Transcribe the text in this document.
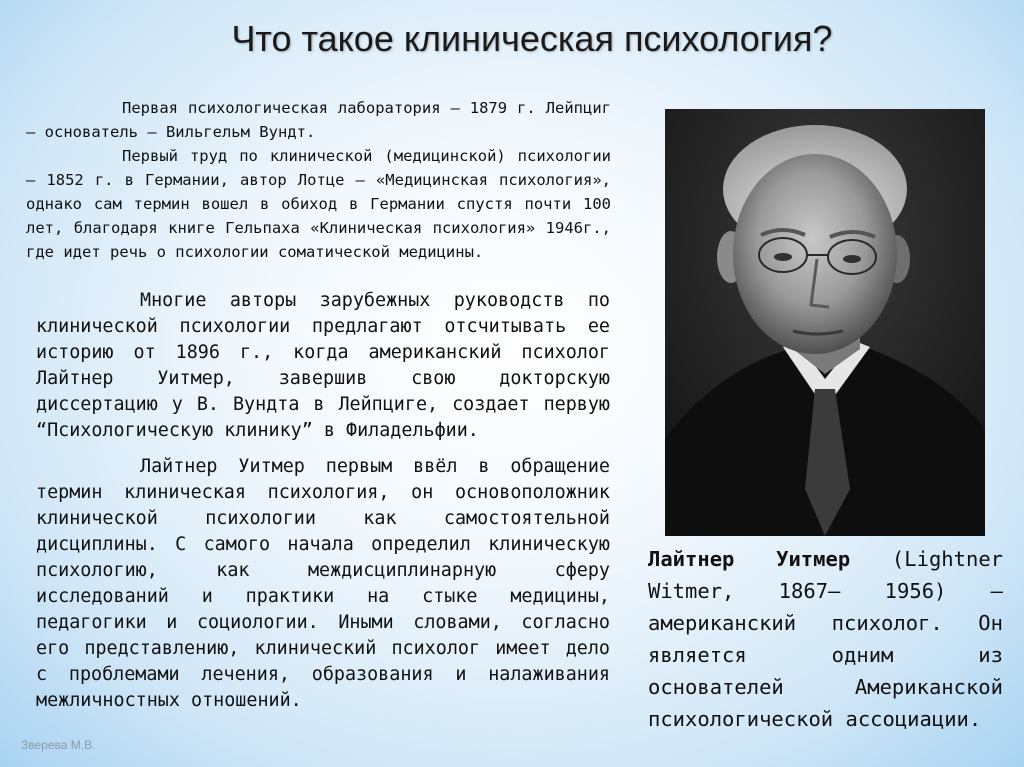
Что такое клиническая психология?

Первая психологическая лаборатория – 1879 г. Лейпциг – основатель – Вильгельм Вундт.

Первый труд по клинической (медицинской) психологии – 1852 г. в Германии, автор Лотце – «Медицинская психология», однако сам термин вошел в обиход в Германии спустя почти 100 лет, благодаря книге Гельпаха «Клиническая психология» 1946г., где идет речь о психологии соматической медицины.

Многие авторы зарубежных руководств по клинической психологии предлагают отсчитывать ее историю от 1896 г., когда американский психолог Лайтнер Уитмер, завершив свою докторскую диссертацию у В. Вундта в Лейпциге, создает первую “Психологическую клинику” в Филадельфии.

Лайтнер Уитмер первым ввёл в обращение термин клиническая психология, он основоположник клинической психологии как самостоятельной дисциплины. С самого начала определил клиническую психологию, как междисциплинарную сферу исследований и практики на стыке медицины, педагогики и социологии. Иными словами, согласно его представлению, клинический психолог имеет дело с проблемами лечения, образования и налаживания межличностных отношений.

Лайтнер Уитмер (Lightner Witmer, 1867— 1956) — американский психолог. Он является одним из основателей Американской психологической ассоциации.
Зверева М.В.
